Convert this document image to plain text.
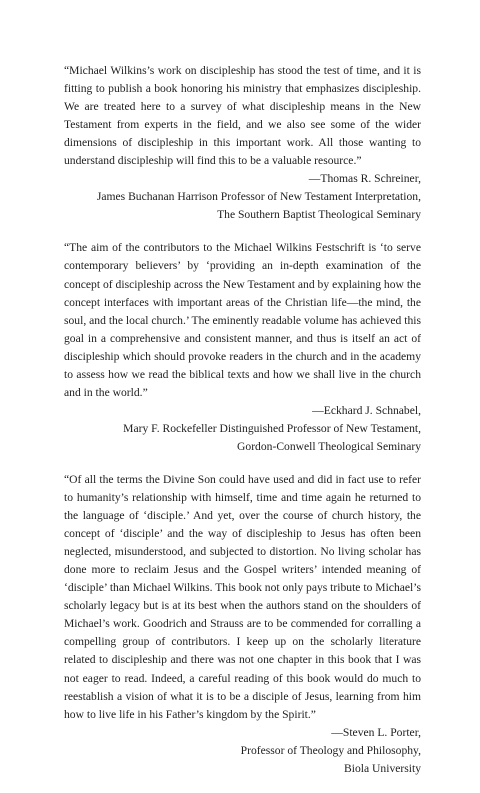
“Michael Wilkins’s work on discipleship has stood the test of time, and it is fitting to publish a book honoring his ministry that emphasizes discipleship. We are treated here to a survey of what discipleship means in the New Testament from experts in the field, and we also see some of the wider dimensions of discipleship in this important work. All those wanting to understand discipleship will find this to be a valuable resource.”

—Thomas R. Schreiner,
James Buchanan Harrison Professor of New Testament Interpretation,
The Southern Baptist Theological Seminary

“The aim of the contributors to the Michael Wilkins Festschrift is ‘to serve contemporary believers’ by ‘providing an in-depth examination of the concept of discipleship across the New Testament and by explaining how the concept interfaces with important areas of the Christian life—the mind, the soul, and the local church.’ The eminently readable volume has achieved this goal in a comprehensive and consistent manner, and thus is itself an act of discipleship which should provoke readers in the church and in the academy to assess how we read the biblical texts and how we shall live in the church and in the world.”

—Eckhard J. Schnabel,
Mary F. Rockefeller Distinguished Professor of New Testament,
Gordon-Conwell Theological Seminary

“Of all the terms the Divine Son could have used and did in fact use to refer to humanity’s relationship with himself, time and time again he returned to the language of ‘disciple.’ And yet, over the course of church history, the concept of ‘disciple’ and the way of discipleship to Jesus has often been neglected, misunderstood, and subjected to distortion. No living scholar has done more to reclaim Jesus and the Gospel writers’ intended meaning of ‘disciple’ than Michael Wilkins. This book not only pays tribute to Michael’s scholarly legacy but is at its best when the authors stand on the shoulders of Michael’s work. Goodrich and Strauss are to be commended for corralling a compelling group of contributors. I keep up on the scholarly literature related to discipleship and there was not one chapter in this book that I was not eager to read. Indeed, a careful reading of this book would do much to reestablish a vision of what it is to be a disciple of Jesus, learning from him how to live life in his Father’s kingdom by the Spirit.”

—Steven L. Porter,
Professor of Theology and Philosophy,
Biola University
